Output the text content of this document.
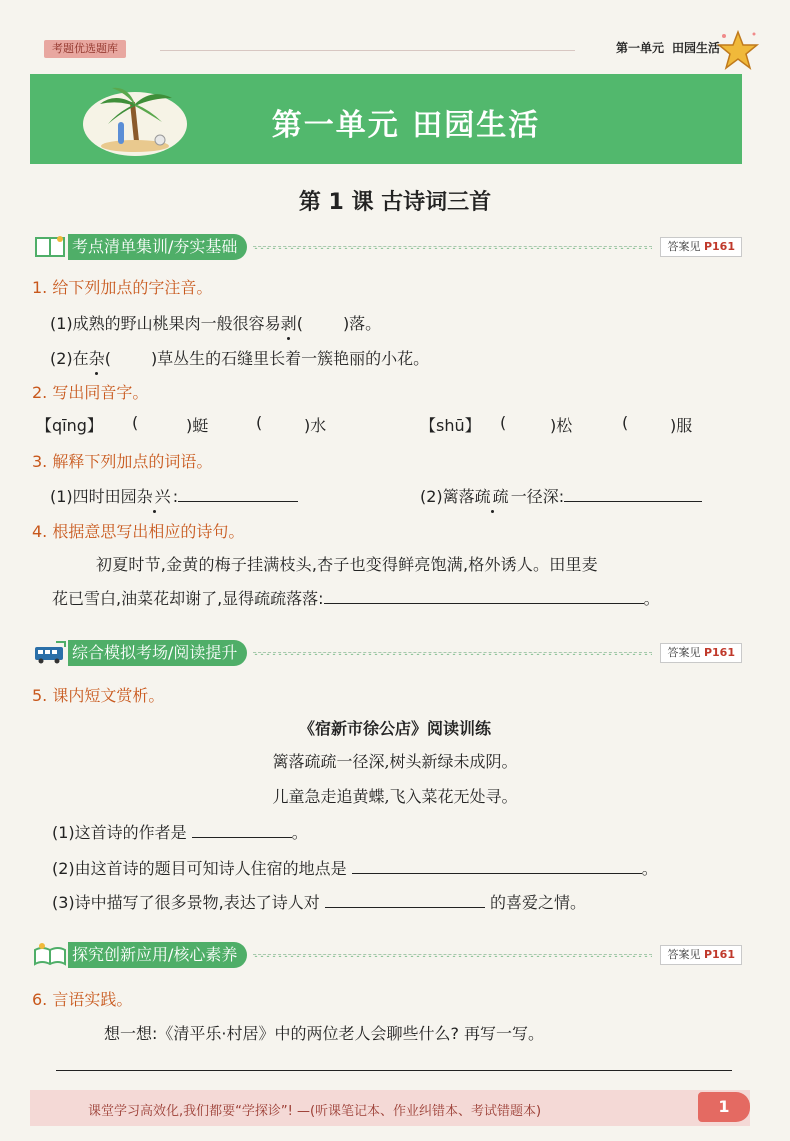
考题优选题库	第一单元 田园生活
第一单元 田园生活
第 1 课 古诗词三首
考点清单集训/夯实基础	答案见 P161
1. 给下列加点的字注音。
(1)成熟的野山桃果肉一般很容易剥(	)落。
(2)在杂(	)草丛生的石缝里长着一簇艳丽的小花。
2. 写出同音字。
【qīng】 (	)蜓	(	)水	【shū】 (	)松	(	)服
3. 解释下列加点的词语。
(1)四时田园杂兴:	(2)篱落疏疏一径深:
4. 根据意思写出相应的诗句。
初夏时节,金黄的梅子挂满枝头,杏子也变得鲜亮饱满,格外诱人。田里麦
花已雪白,油菜花却谢了,显得疏疏落落:	。
综合模拟考场/阅读提升	答案见 P161
5. 课内短文赏析。
《宿新市徐公店》阅读训练
篱落疏疏一径深,树头新绿未成阴。
儿童急走追黄蝶,飞入菜花无处寻。
(1)这首诗的作者是	。
(2)由这首诗的题目可知诗人住宿的地点是	。
(3)诗中描写了很多景物,表达了诗人对	的喜爱之情。
探究创新应用/核心素养	答案见 P161
6. 言语实践。
想一想:《清平乐·村居》中的两位老人会聊些什么? 再写一写。
课堂学习高效化,我们都要“学探诊”! —(听课笔记本、作业纠错本、考试错题本)	1
